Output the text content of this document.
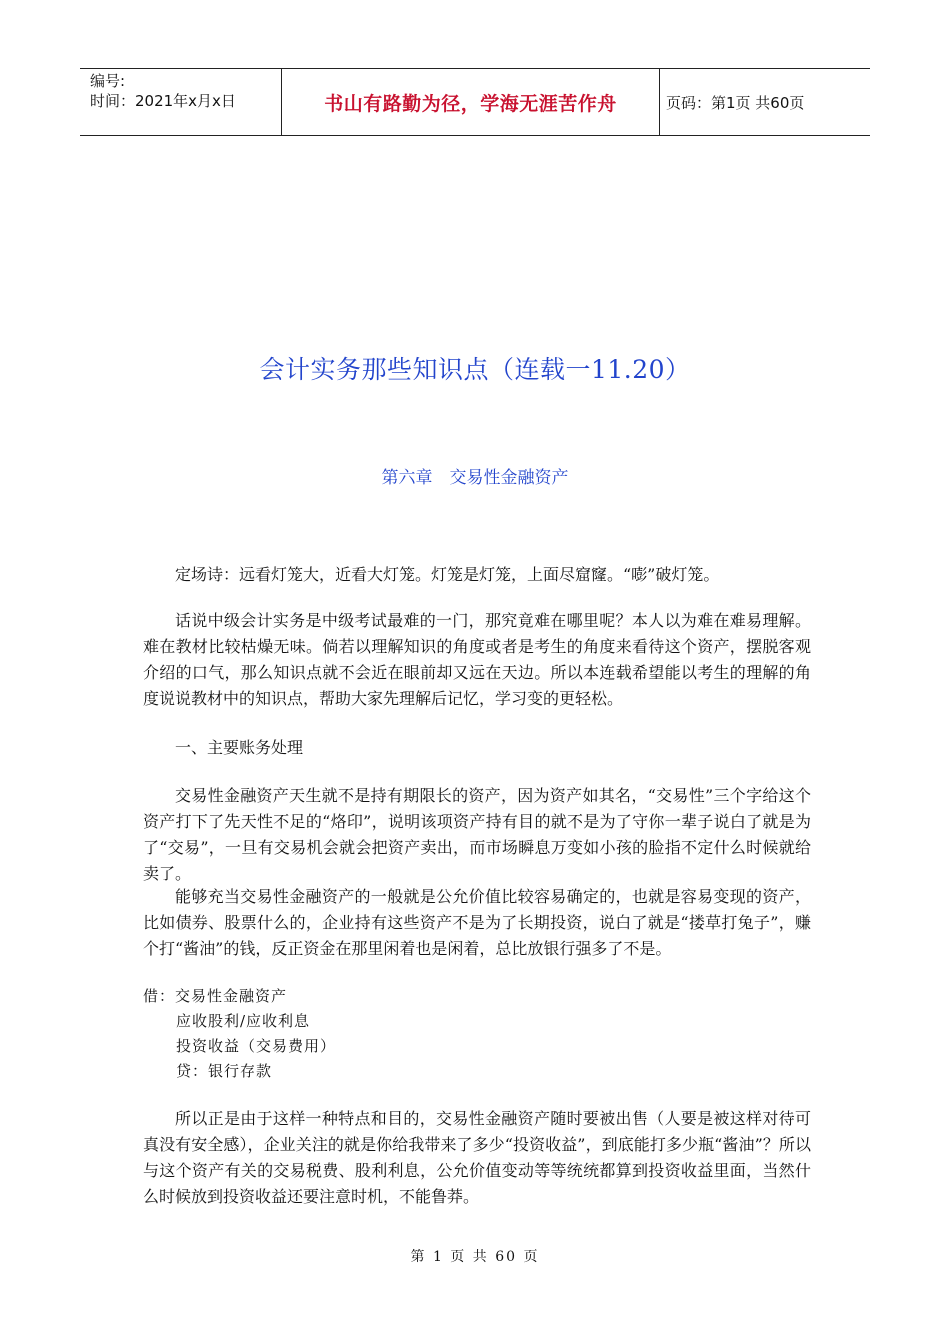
编号:
时间：2021年x月x日	书山有路勤为径，学海无涯苦作舟	页码：第1页 共60页
会计实务那些知识点（连载一11.20）
第六章　交易性金融资产

定场诗：远看灯笼大，近看大灯笼。灯笼是灯笼，上面尽窟窿。“嘭”破灯笼。

话说中级会计实务是中级考试最难的一门，那究竟难在哪里呢？本人以为难在难易理解。难在教材比较枯燥无味。倘若以理解知识的角度或者是考生的角度来看待这个资产，摆脱客观介绍的口气，那么知识点就不会近在眼前却又远在天边。所以本连载希望能以考生的理解的角度说说教材中的知识点，帮助大家先理解后记忆，学习变的更轻松。

一、主要账务处理

交易性金融资产天生就不是持有期限长的资产，因为资产如其名，“交易性”三个字给这个资产打下了先天性不足的“烙印”，说明该项资产持有目的就不是为了守你一辈子说白了就是为了“交易”，一旦有交易机会就会把资产卖出，而市场瞬息万变如小孩的脸指不定什么时候就给卖了。

能够充当交易性金融资产的一般就是公允价值比较容易确定的，也就是容易变现的资产，比如债券、股票什么的，企业持有这些资产不是为了长期投资，说白了就是“搂草打兔子”，赚个打“酱油”的钱，反正资金在那里闲着也是闲着，总比放银行强多了不是。

借：交易性金融资产
应收股利/应收利息
投资收益（交易费用）
贷：银行存款

所以正是由于这样一种特点和目的，交易性金融资产随时要被出售（人要是被这样对待可真没有安全感），企业关注的就是你给我带来了多少“投资收益”，到底能打多少瓶“酱油”？所以与这个资产有关的交易税费、股利利息，公允价值变动等等统统都算到投资收益里面，当然什么时候放到投资收益还要注意时机，不能鲁莽。

第 1 页 共 60 页
